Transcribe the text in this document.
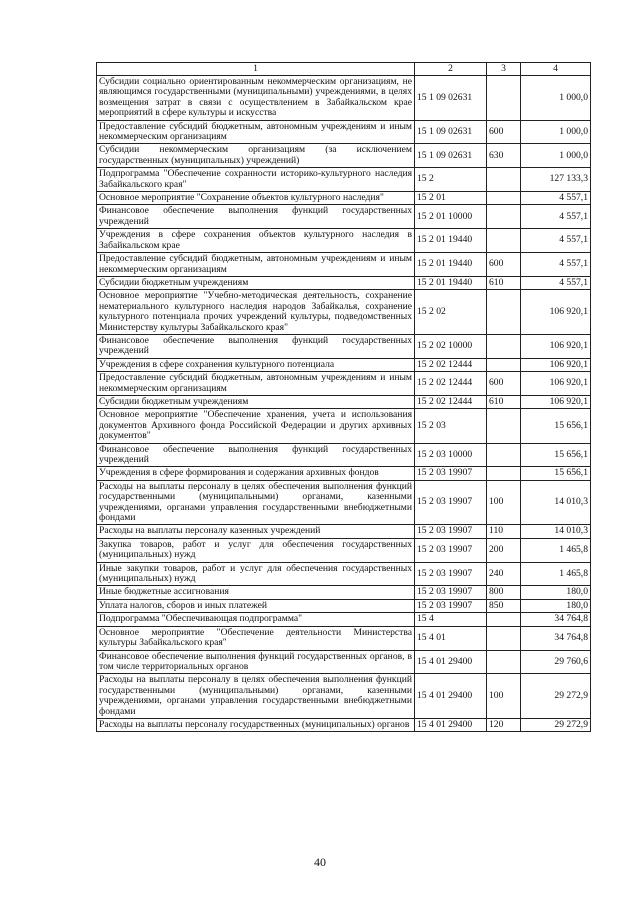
1	2	3	4
Субсидии социально ориентированным некоммерческим организациям, не являющимся государственными (муниципальными) учреждениями, в целях возмещения затрат в связи с осуществлением в Забайкальском крае мероприятий в сфере культуры и искусства	15 1 09 02631		1 000,0
Предоставление субсидий бюджетным, автономным учреждениям и иным некоммерческим организациям	15 1 09 02631	600	1 000,0
Субсидии некоммерческим организациям (за исключением государственных (муниципальных) учреждений)	15 1 09 02631	630	1 000,0
Подпрограмма "Обеспечение сохранности историко-культурного наследия Забайкальского края"	15 2		127 133,3
Основное мероприятие "Сохранение объектов культурного наследия"	15 2 01		4 557,1
Финансовое обеспечение выполнения функций государственных учреждений	15 2 01 10000		4 557,1
Учреждения в сфере сохранения объектов культурного наследия в Забайкальском крае	15 2 01 19440		4 557,1
Предоставление субсидий бюджетным, автономным учреждениям и иным некоммерческим организациям	15 2 01 19440	600	4 557,1
Субсидии бюджетным учреждениям	15 2 01 19440	610	4 557,1
Основное мероприятие "Учебно-методическая деятельность, сохранение нематериального культурного наследия народов Забайкалья, сохранение культурного потенциала прочих учреждений культуры, подведомственных Министерству культуры Забайкальского края"	15 2 02		106 920,1
Финансовое обеспечение выполнения функций государственных учреждений	15 2 02 10000		106 920,1
Учреждения в сфере сохранения культурного потенциала	15 2 02 12444		106 920,1
Предоставление субсидий бюджетным, автономным учреждениям и иным некоммерческим организациям	15 2 02 12444	600	106 920,1
Субсидии бюджетным учреждениям	15 2 02 12444	610	106 920,1
Основное мероприятие "Обеспечение хранения, учета и использования документов Архивного фонда Российской Федерации и других архивных документов"	15 2 03		15 656,1
Финансовое обеспечение выполнения функций государственных учреждений	15 2 03 10000		15 656,1
Учреждения в сфере формирования и содержания архивных фондов	15 2 03 19907		15 656,1
Расходы на выплаты персоналу в целях обеспечения выполнения функций государственными (муниципальными) органами, казенными учреждениями, органами управления государственными внебюджетными фондами	15 2 03 19907	100	14 010,3
Расходы на выплаты персоналу казенных учреждений	15 2 03 19907	110	14 010,3
Закупка товаров, работ и услуг для обеспечения государственных (муниципальных) нужд	15 2 03 19907	200	1 465,8
Иные закупки товаров, работ и услуг для обеспечения государственных (муниципальных) нужд	15 2 03 19907	240	1 465,8
Иные бюджетные ассигнования	15 2 03 19907	800	180,0
Уплата налогов, сборов и иных платежей	15 2 03 19907	850	180,0
Подпрограмма "Обеспечивающая подпрограмма"	15 4		34 764,8
Основное мероприятие "Обеспечение деятельности Министерства культуры Забайкальского края"	15 4 01		34 764,8
Финансовое обеспечение выполнения функций государственных органов, в том числе территориальных органов	15 4 01 29400		29 760,6
Расходы на выплаты персоналу в целях обеспечения выполнения функций государственными (муниципальными) органами, казенными учреждениями, органами управления государственными внебюджетными фондами	15 4 01 29400	100	29 272,9
Расходы на выплаты персоналу государственных (муниципальных) органов	15 4 01 29400	120	29 272,9
40
